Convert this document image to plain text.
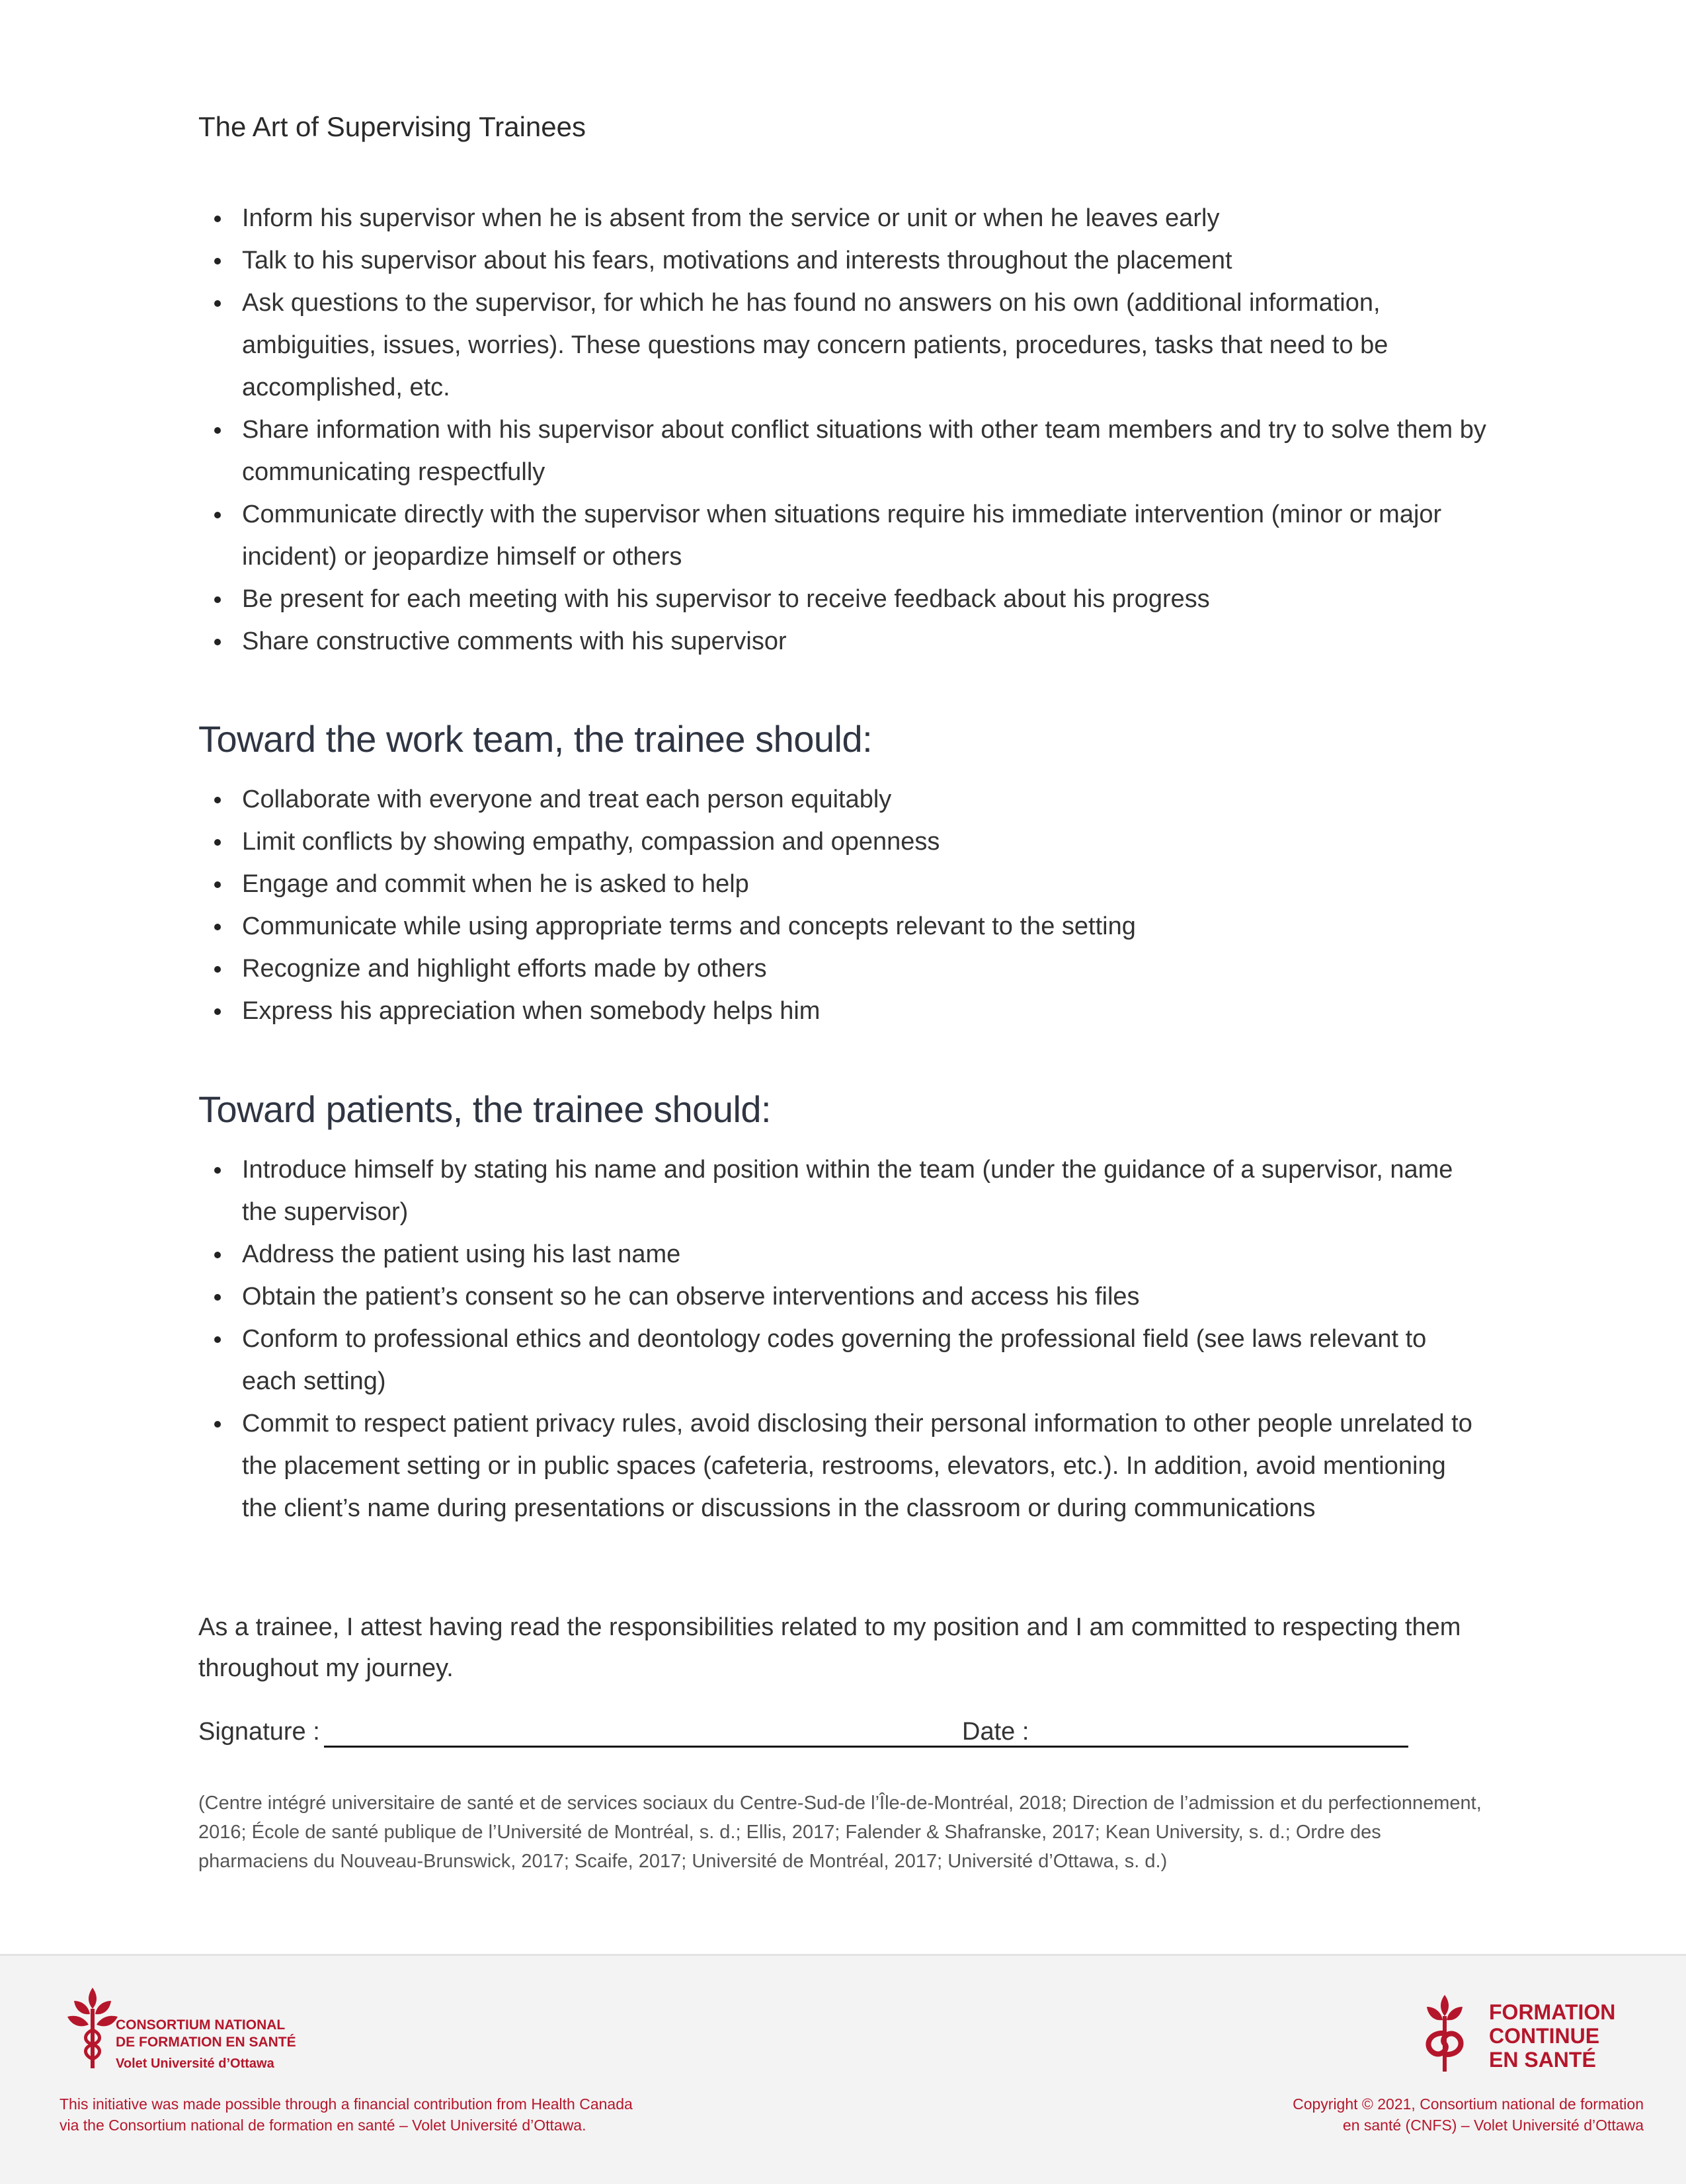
The Art of Supervising Trainees
Inform his supervisor when he is absent from the service or unit or when he leaves early
Talk to his supervisor about his fears, motivations and interests throughout the placement
Ask questions to the supervisor, for which he has found no answers on his own (additional information, ambiguities, issues, worries). These questions may concern patients, procedures, tasks that need to be accomplished, etc.
Share information with his supervisor about conflict situations with other team members and try to solve them by communicating respectfully
Communicate directly with the supervisor when situations require his immediate intervention (minor or major incident) or jeopardize himself or others
Be present for each meeting with his supervisor to receive feedback about his progress
Share constructive comments with his supervisor
Toward the work team, the trainee should:
Collaborate with everyone and treat each person equitably
Limit conflicts by showing empathy, compassion and openness
Engage and commit when he is asked to help
Communicate while using appropriate terms and concepts relevant to the setting
Recognize and highlight efforts made by others
Express his appreciation when somebody helps him
Toward patients, the trainee should:
Introduce himself by stating his name and position within the team (under the guidance of a supervisor, name the supervisor)
Address the patient using his last name
Obtain the patient’s consent so he can observe interventions and access his files
Conform to professional ethics and deontology codes governing the professional field (see laws relevant to each setting)
Commit to respect patient privacy rules, avoid disclosing their personal information to other people unrelated to the placement setting or in public spaces (cafeteria, restrooms, elevators, etc.). In addition, avoid mentioning the client’s name during presentations or discussions in the classroom or during communications

As a trainee, I attest having read the responsibilities related to my position and I am committed to respecting them throughout my journey.

Signature :	Date :

(Centre intégré universitaire de santé et de services sociaux du Centre-Sud-de l’Île-de-Montréal, 2018; Direction de l’admission et du perfectionnement, 2016; École de santé publique de l’Université de Montréal, s. d.; Ellis, 2017; Falender & Shafranske, 2017; Kean University, s. d.; Ordre des pharmaciens du Nouveau-Brunswick, 2017; Scaife, 2017; Université de Montréal, 2017; Université d’Ottawa, s. d.)

CONSORTIUM NATIONAL
DE FORMATION EN SANTÉ
Volet Université d’Ottawa

This initiative was made possible through a financial contribution from Health Canada
via the Consortium national de formation en santé – Volet Université d’Ottawa.

FORMATION
CONTINUE
EN SANTÉ

Copyright © 2021, Consortium national de formation
en santé (CNFS) – Volet Université d’Ottawa
